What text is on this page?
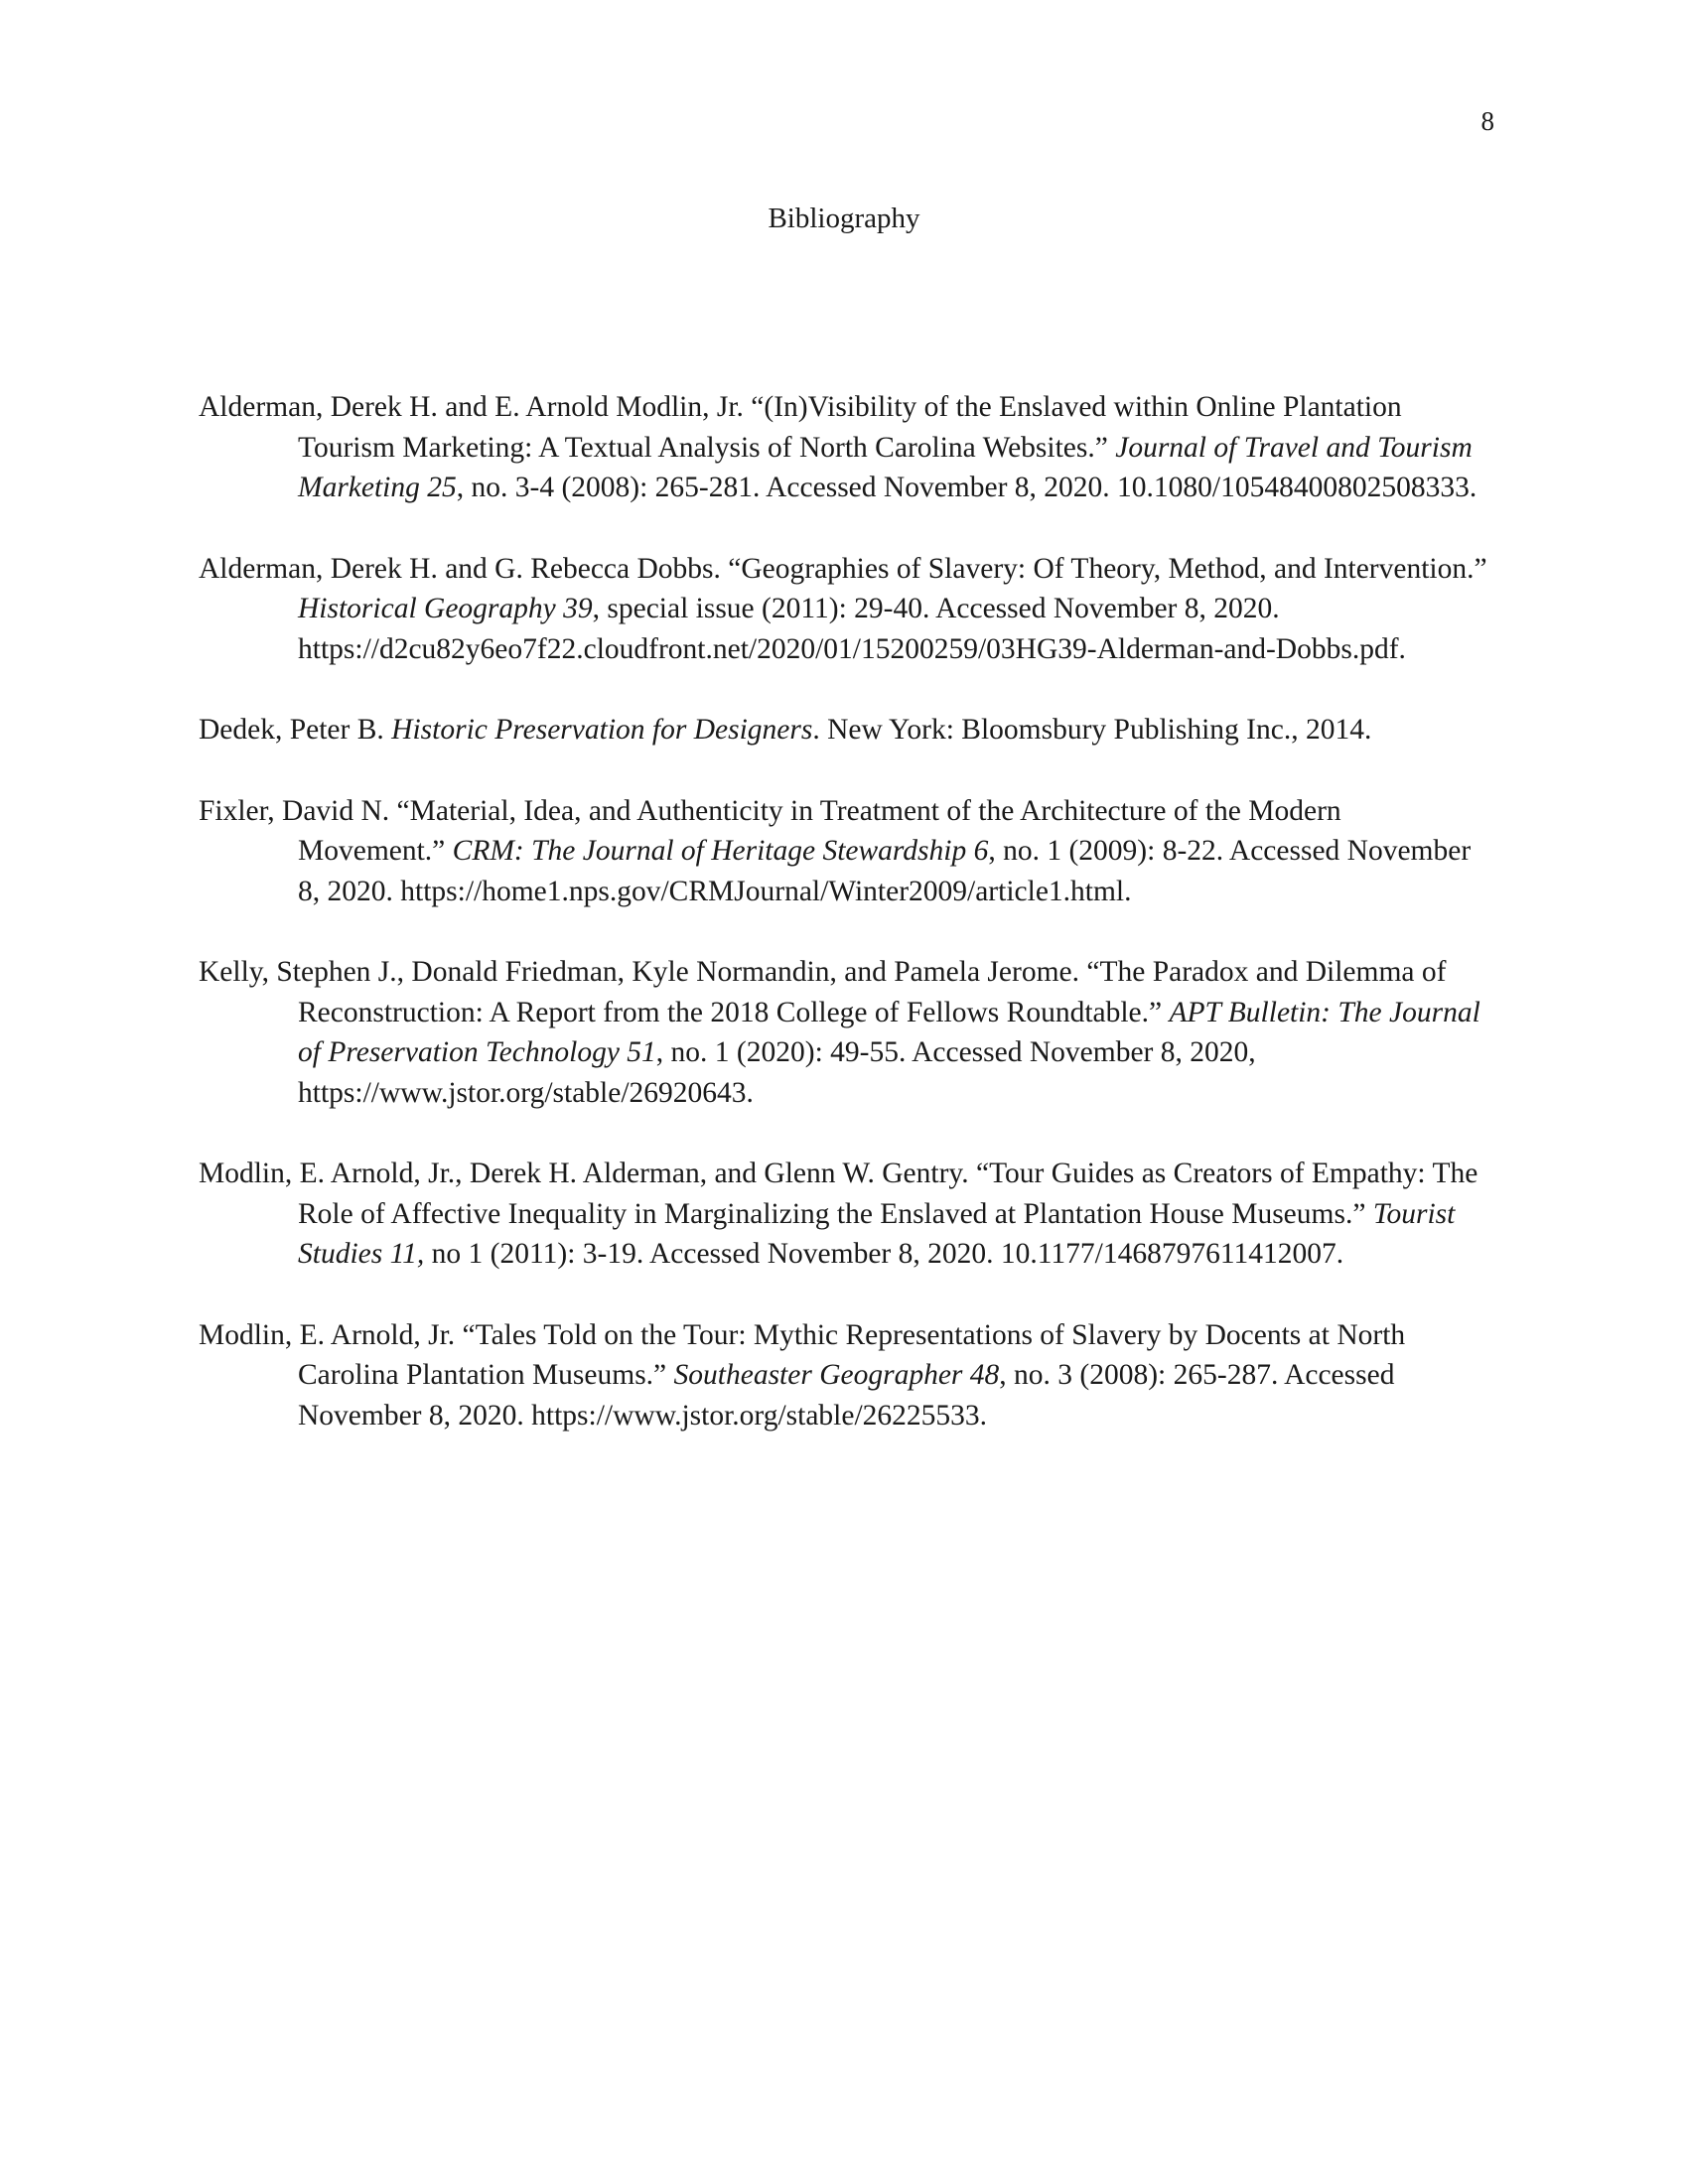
8
Bibliography

Alderman, Derek H. and E. Arnold Modlin, Jr. “(In)Visibility of the Enslaved within Online Plantation Tourism Marketing: A Textual Analysis of North Carolina Websites.” Journal of Travel and Tourism Marketing 25, no. 3-4 (2008): 265-281. Accessed November 8, 2020. 10.1080/10548400802508333.

Alderman, Derek H. and G. Rebecca Dobbs. “Geographies of Slavery: Of Theory, Method, and Intervention.” Historical Geography 39, special issue (2011): 29-40. Accessed November 8, 2020. https://d2cu82y6eo7f22.cloudfront.net/2020/01/15200259/03HG39-Alderman-and-Dobbs.pdf.

Dedek, Peter B. Historic Preservation for Designers. New York: Bloomsbury Publishing Inc., 2014.

Fixler, David N. “Material, Idea, and Authenticity in Treatment of the Architecture of the Modern Movement.” CRM: The Journal of Heritage Stewardship 6, no. 1 (2009): 8-22. Accessed November 8, 2020. https://home1.nps.gov/CRMJournal/Winter2009/article1.html.

Kelly, Stephen J., Donald Friedman, Kyle Normandin, and Pamela Jerome. “The Paradox and Dilemma of Reconstruction: A Report from the 2018 College of Fellows Roundtable.” APT Bulletin: The Journal of Preservation Technology 51, no. 1 (2020): 49-55. Accessed November 8, 2020, https://www.jstor.org/stable/26920643.

Modlin, E. Arnold, Jr., Derek H. Alderman, and Glenn W. Gentry. “Tour Guides as Creators of Empathy: The Role of Affective Inequality in Marginalizing the Enslaved at Plantation House Museums.” Tourist Studies 11, no 1 (2011): 3-19. Accessed November 8, 2020. 10.1177/1468797611412007.

Modlin, E. Arnold, Jr. “Tales Told on the Tour: Mythic Representations of Slavery by Docents at North Carolina Plantation Museums.” Southeaster Geographer 48, no. 3 (2008): 265-287. Accessed November 8, 2020. https://www.jstor.org/stable/26225533.
